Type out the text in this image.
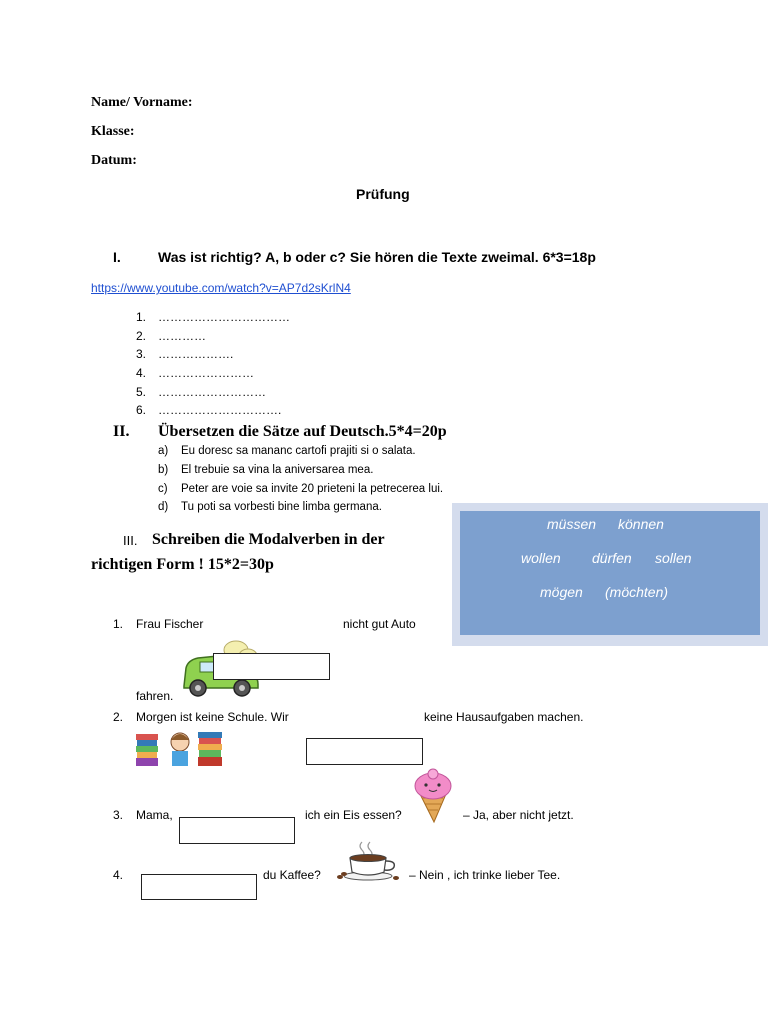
Name/ Vorname:
Klasse:
Datum:
Prüfung
I.	Was ist richtig? A, b oder c? Sie hören die Texte zweimal. 6*3=18p
https://www.youtube.com/watch?v=AP7d2sKrlN4
1. ……………………………
2. …………
3. ……………….
4. ……………………
5. ………………………
6. ………………………….
II. Übersetzen die Sätze auf Deutsch.5*4=20p
a) Eu doresc sa mananc cartofi prajiti si o salata.
b) El trebuie sa vina la aniversarea mea.
c) Peter are voie sa invite 20 prieteni la petrecerea lui.
d) Tu poti sa vorbesti bine limba germana.
III. Schreiben die Modalverben in der
richtigen Form ! 15*2=30p
müssen können
wollen dürfen sollen
mögen (möchten)
1. Frau Fischer	nicht gut Auto
fahren.
2. Morgen ist keine Schule. Wir	keine Hausaufgaben machen.
3. Mama,	ich ein Eis essen?	– Ja, aber nicht jetzt.
4.	du Kaffee?	– Nein , ich trinke lieber Tee.
